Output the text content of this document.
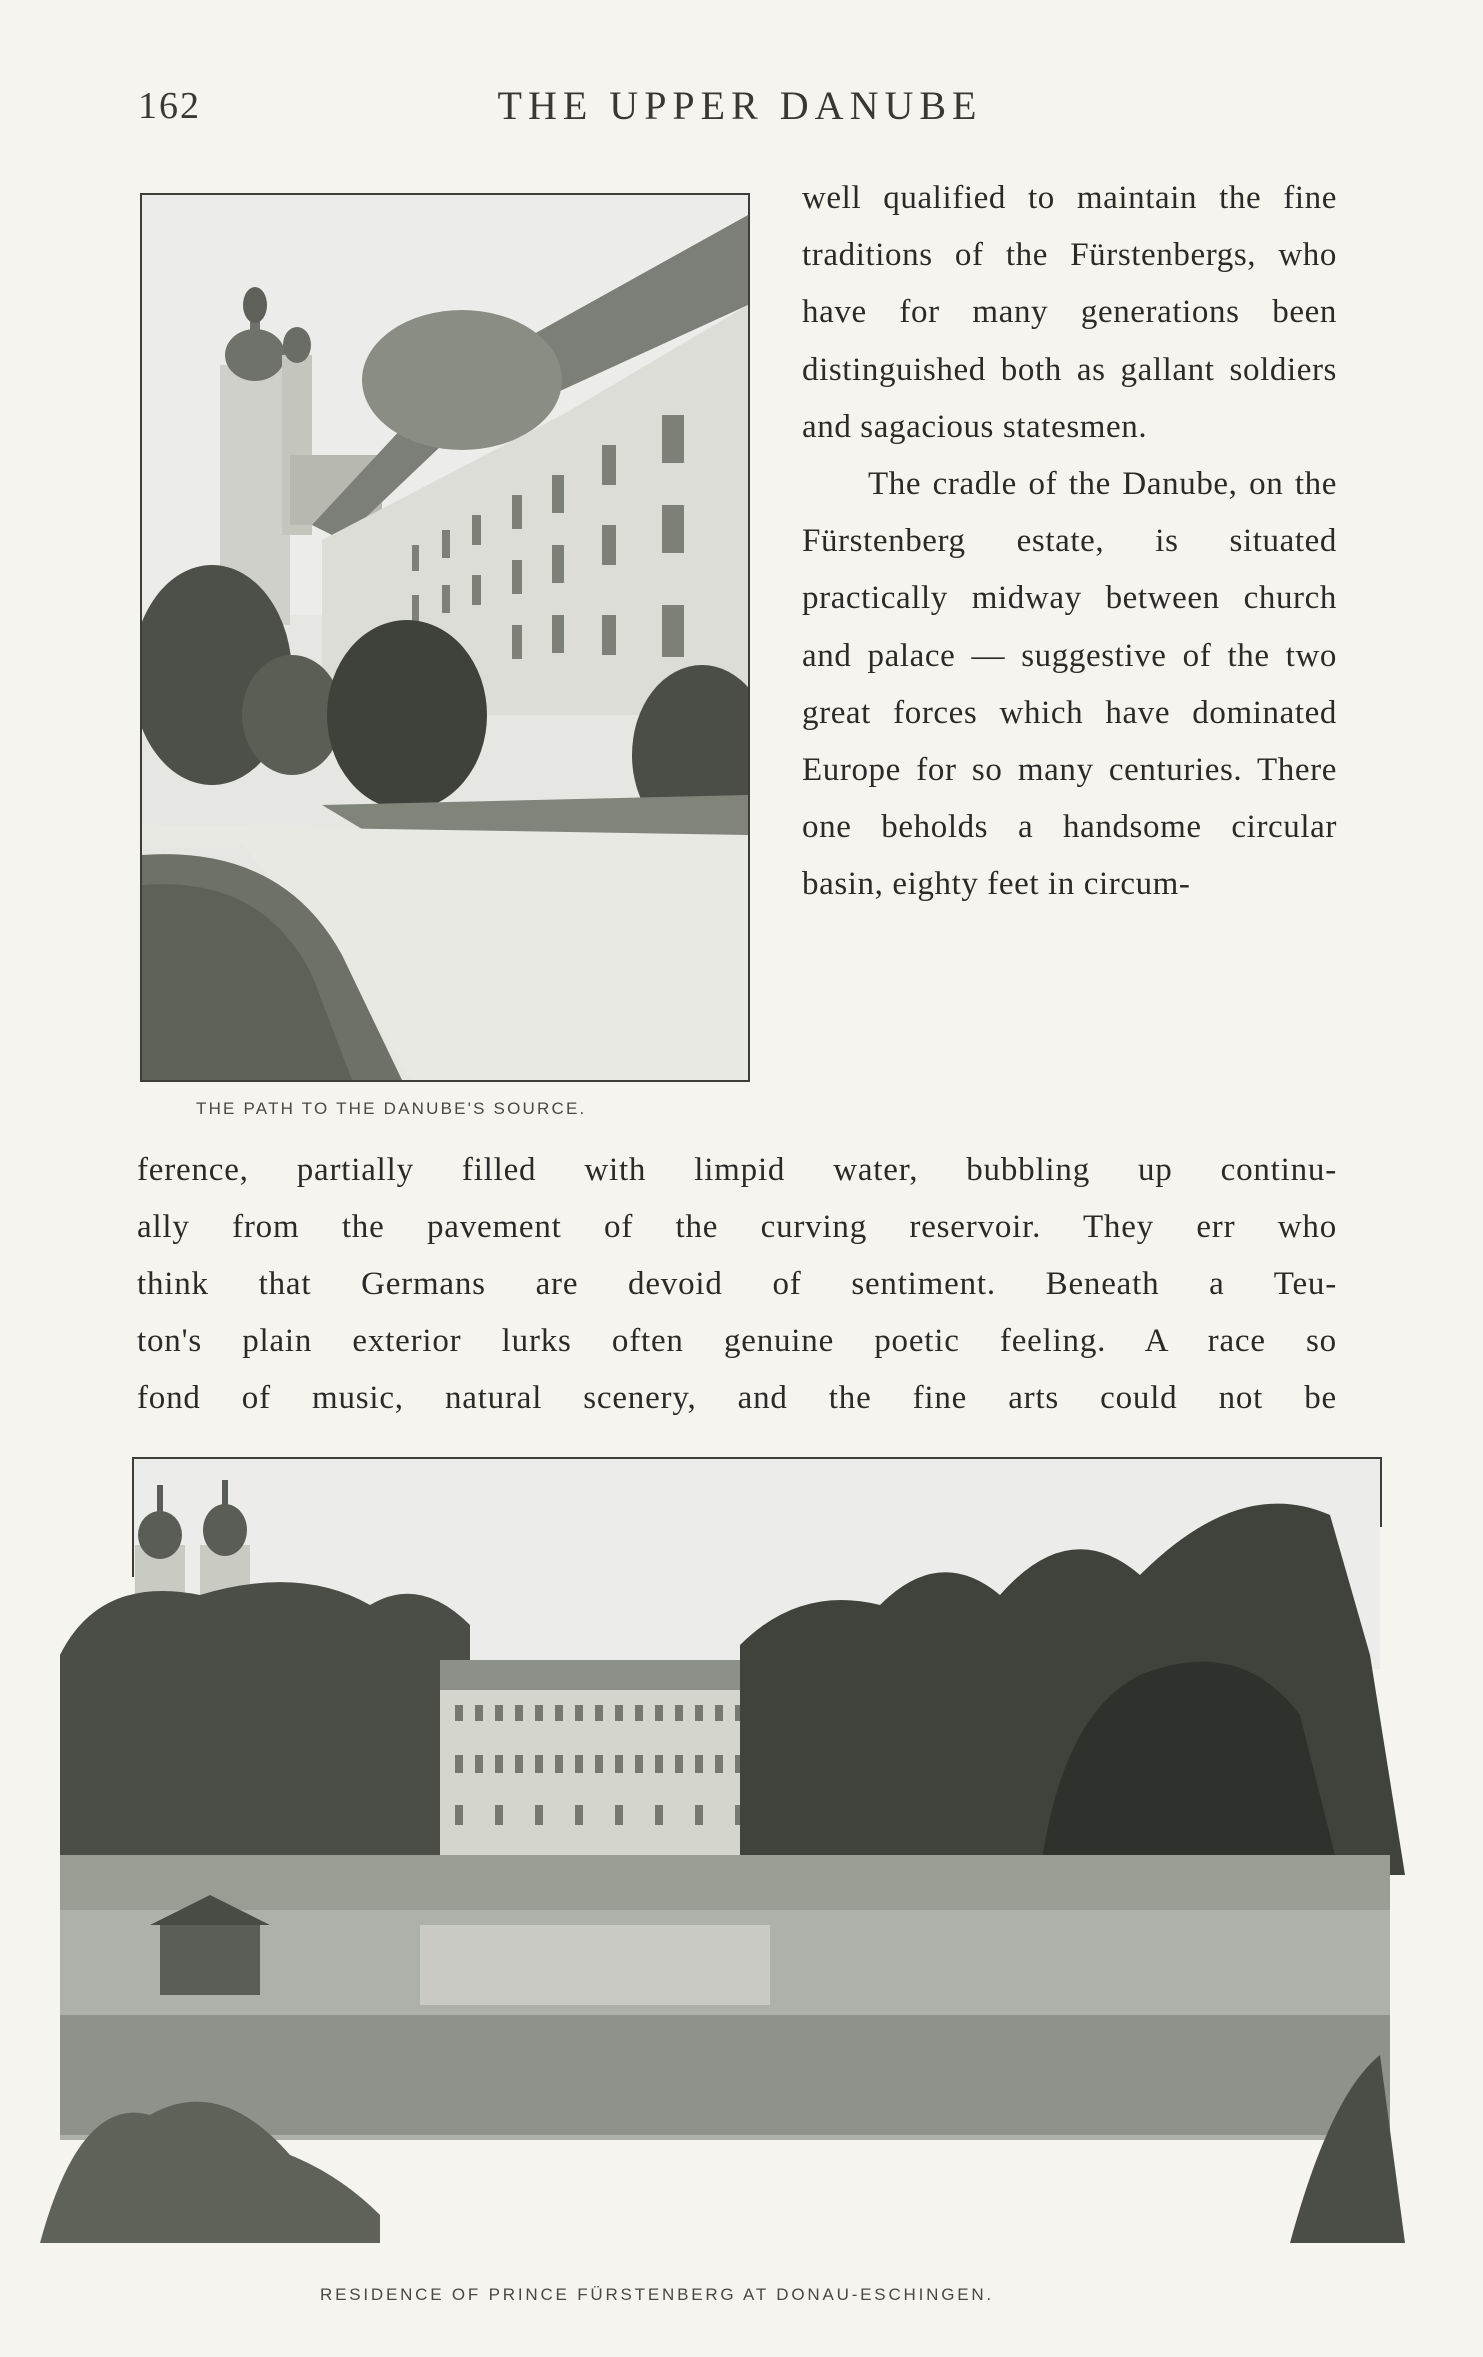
162	THE UPPER DANUBE
THE PATH TO THE DANUBE'S SOURCE.

well qualified to maintain the fine traditions of the Fürstenbergs, who have for many generations been distinguished both as gallant soldiers and sagacious statesmen.

The cradle of the Danube, on the Fürstenberg estate, is situated practically midway between church and palace — suggestive of the two great forces which have dominated Europe for so many centuries. There one beholds a handsome circular basin, eighty feet in circum-

ference, partially filled with limpid water, bubbling up continu-
ally from the pavement of the curving reservoir. They err who
think that Germans are devoid of sentiment. Beneath a Teu-
ton's plain exterior lurks often genuine poetic feeling. A race so
fond of music, natural scenery, and the fine arts could not be
RESIDENCE OF PRINCE FÜRSTENBERG AT DONAU-ESCHINGEN.
